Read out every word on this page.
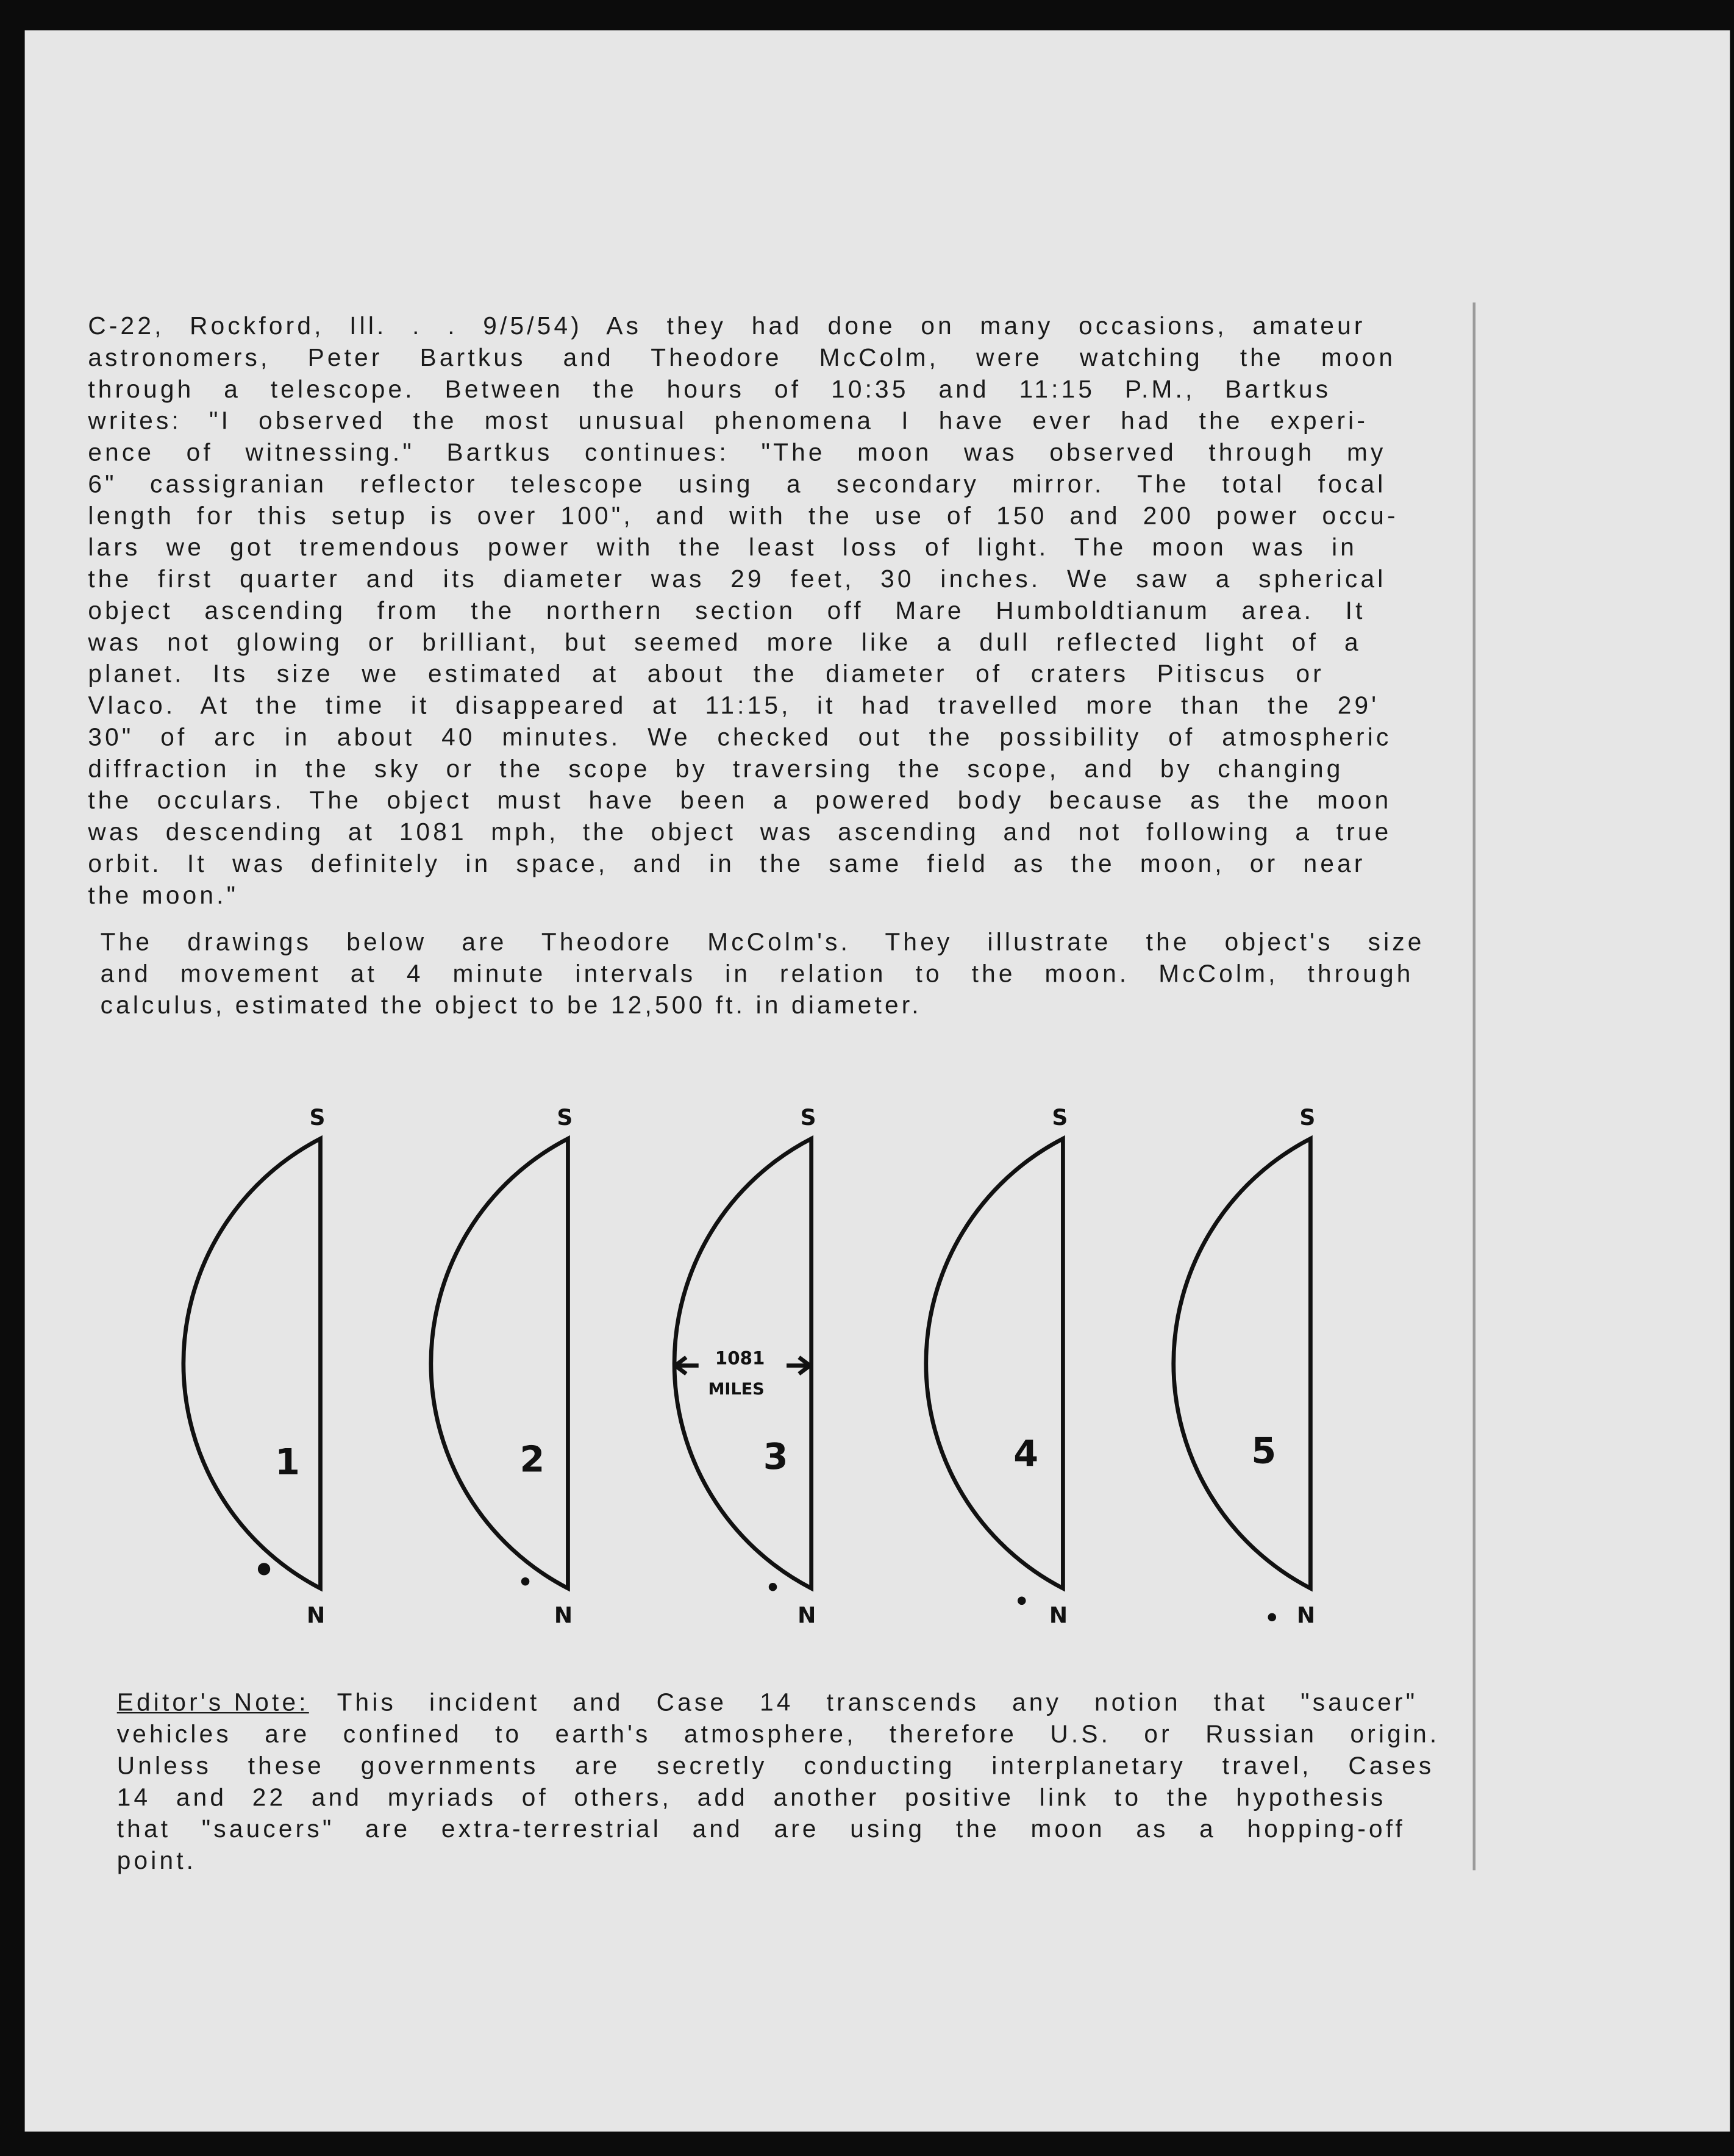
C-22, Rockford, Ill. . . 9/5/54) As they had done on many occasions, amateur
astronomers, Peter Bartkus and Theodore McColm, were watching the moon
through a telescope. Between the hours of 10:35 and 11:15 P.M., Bartkus
writes: "I observed the most unusual phenomena I have ever had the experi-
ence of witnessing." Bartkus continues: "The moon was observed through my
6" cassigranian reflector telescope using a secondary mirror. The total focal
length for this setup is over 100", and with the use of 150 and 200 power occu-
lars we got tremendous power with the least loss of light. The moon was in
the first quarter and its diameter was 29 feet, 30 inches. We saw a spherical
object ascending from the northern section off Mare Humboldtianum area. It
was not glowing or brilliant, but seemed more like a dull reflected light of a
planet. Its size we estimated at about the diameter of craters Pitiscus or
Vlaco. At the time it disappeared at 11:15, it had travelled more than the 29'
30" of arc in about 40 minutes. We checked out the possibility of atmospheric
diffraction in the sky or the scope by traversing the scope, and by changing
the occulars. The object must have been a powered body because as the moon
was descending at 1081 mph, the object was ascending and not following a true
orbit. It was definitely in space, and in the same field as the moon, or near
the moon."
The drawings below are Theodore McColm's. They illustrate the object's size
and movement at 4 minute intervals in relation to the moon. McColm, through
calculus, estimated the object to be 12,500 ft. in diameter.
Editor's Note:	This incident and Case 14 transcends any notion that "saucer"
vehicles are confined to earth's atmosphere, therefore U.S. or Russian origin.
Unless these governments are secretly conducting interplanetary travel, Cases
14 and 22 and myriads of others, add another positive link to the hypothesis
that "saucers" are extra-terrestrial and are using the moon as a hopping-off
point.
S
N
1
S
N
2
S
N
3
S
N
4
S
N
5
1081
MILES
